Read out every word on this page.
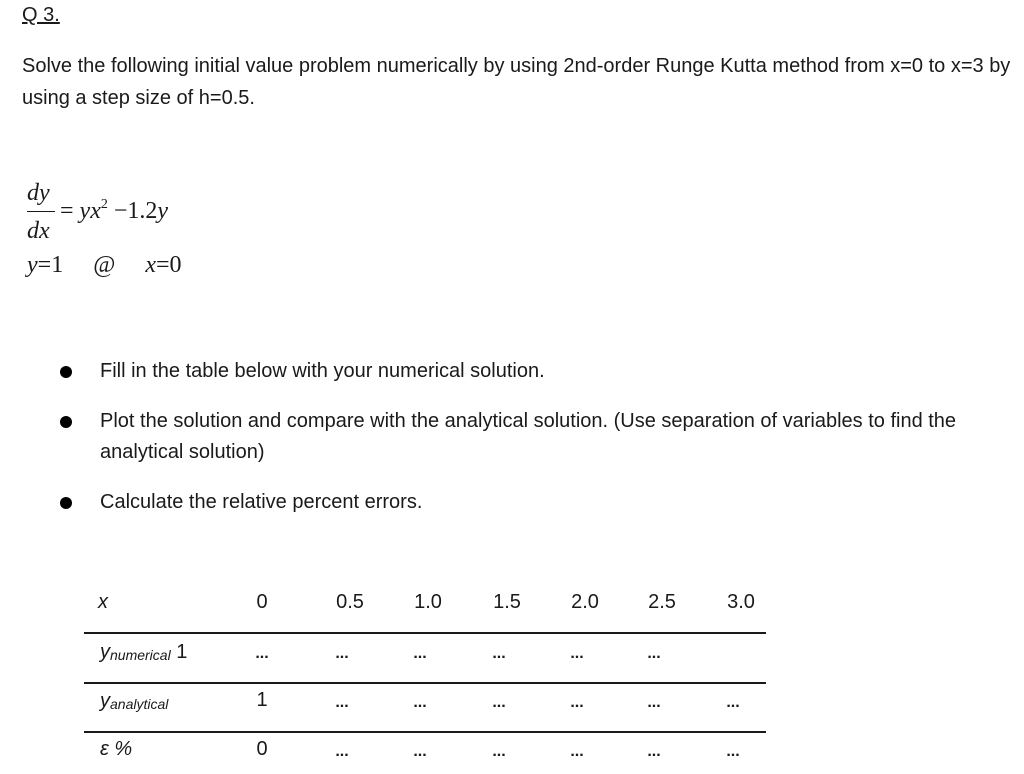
Q 3.
Solve the following initial value problem numerically by using 2nd-order Runge Kutta method from x=0 to x=3 by using a step size of h=0.5.
dy
dx
= $yx^2 -1.2y$
y=1 @ x=0
Fill in the table below with your numerical solution.
Plot the solution and compare with the analytical solution. (Use separation of variables to find the analytical solution)
Calculate the relative percent errors.
x	0	0.5	1.0	1.5	2.0	2.5	3.0
$y_{numerical}$ 1	...	...	...	...	...	...
$y_{analytical}$	1	...	...	...	...	...	...
ε %	0	...	...	...	...	...	...
